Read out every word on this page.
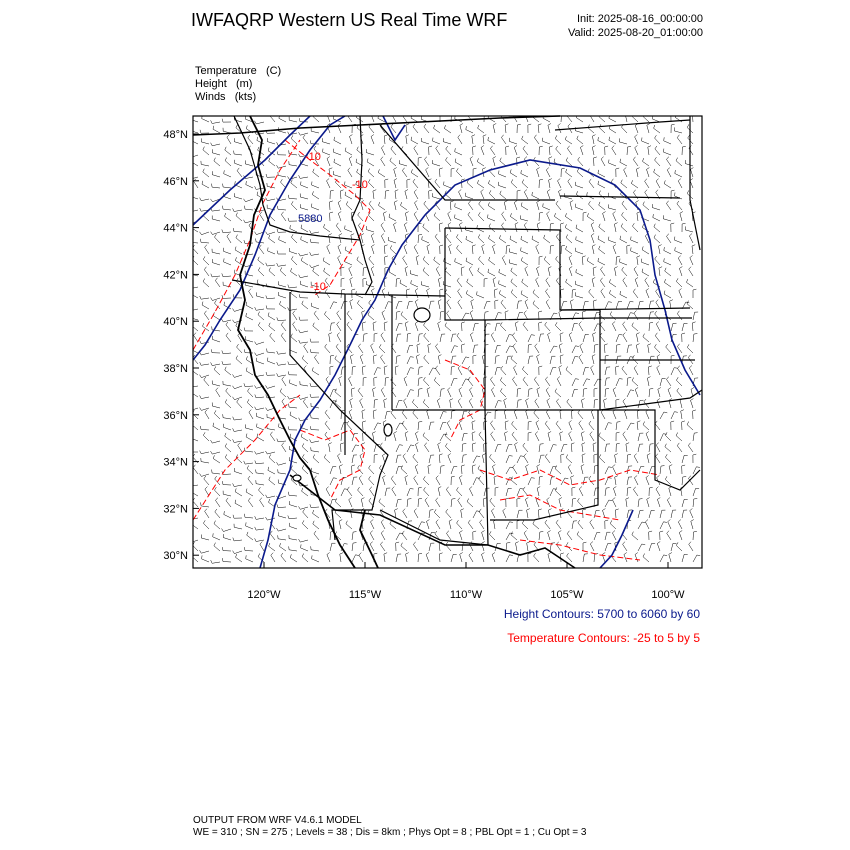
IWFAQRP Western US Real Time WRF	Init: 2025-08-16_00:00:00
Valid: 2025-08-20_01:00:00
Temperature (C)
Height (m)
Winds (kts)
48°N
46°N
44°N
42°N
40°N
38°N
36°N
34°N
32°N
30°N
120°W	115°W	110°W	105°W	100°W
5880
-10
-10
-10
Height Contours: 5700 to 6060 by 60
Temperature Contours: -25 to 5 by 5
OUTPUT FROM WRF V4.6.1 MODEL
WE = 310 ; SN = 275 ; Levels = 38 ; Dis = 8km ; Phys Opt = 8 ; PBL Opt = 1 ; Cu Opt = 3
